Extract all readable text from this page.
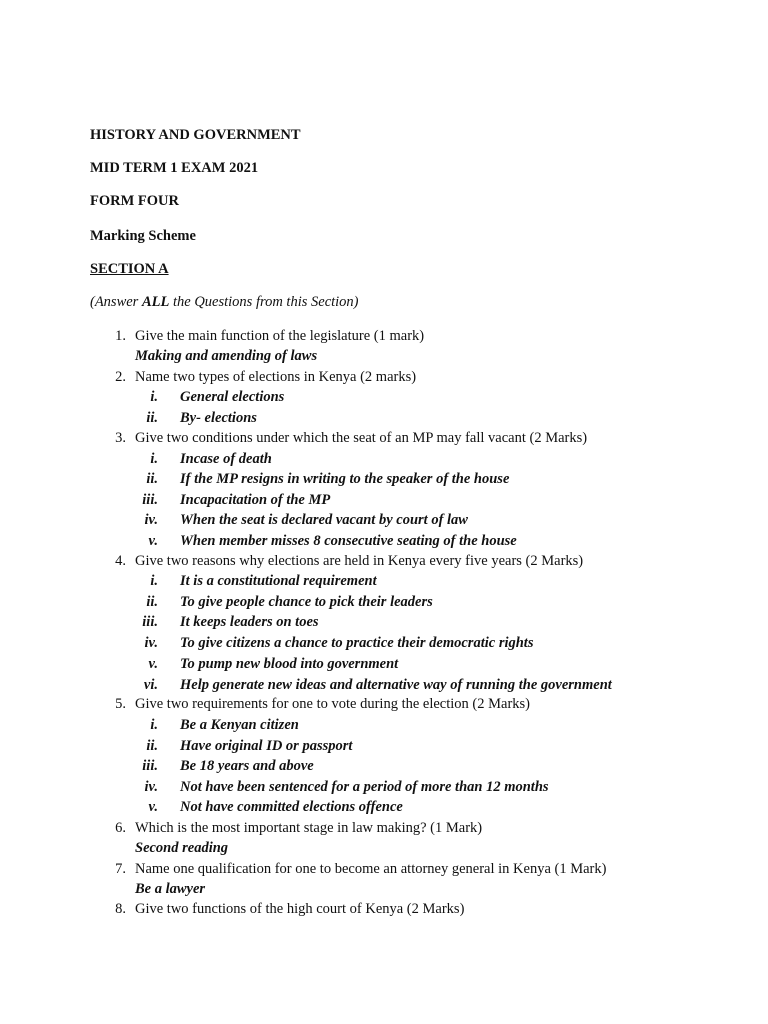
HISTORY AND GOVERNMENT
MID TERM 1 EXAM 2021
FORM FOUR
Marking Scheme
SECTION A
(Answer ALL the Questions from this Section)
1. Give the main function of the legislature (1 mark)
Making and amending of laws
2. Name two types of elections in Kenya (2 marks)
i. General elections
ii. By- elections
3. Give two conditions under which the seat of an MP may fall vacant (2 Marks)
i. Incase of death
ii. If the MP resigns in writing to the speaker of the house
iii. Incapacitation of the MP
iv. When the seat is declared vacant by court of law
v. When member misses 8 consecutive seating of the house
4. Give two reasons why elections are held in Kenya every five years (2 Marks)
i. It is a constitutional requirement
ii. To give people chance to pick their leaders
iii. It keeps leaders on toes
iv. To give citizens a chance to practice their democratic rights
v. To pump new blood into government
vi. Help generate new ideas and alternative way of running the government
5. Give two requirements for one to vote during the election (2 Marks)
i. Be a Kenyan citizen
ii. Have original ID or passport
iii. Be 18 years and above
iv. Not have been sentenced for a period of more than 12 months
v. Not have committed elections offence
6. Which is the most important stage in law making? (1 Mark)
Second reading
7. Name one qualification for one to become an attorney general in Kenya (1 Mark)
Be a lawyer
8. Give two functions of the high court of Kenya (2 Marks)
